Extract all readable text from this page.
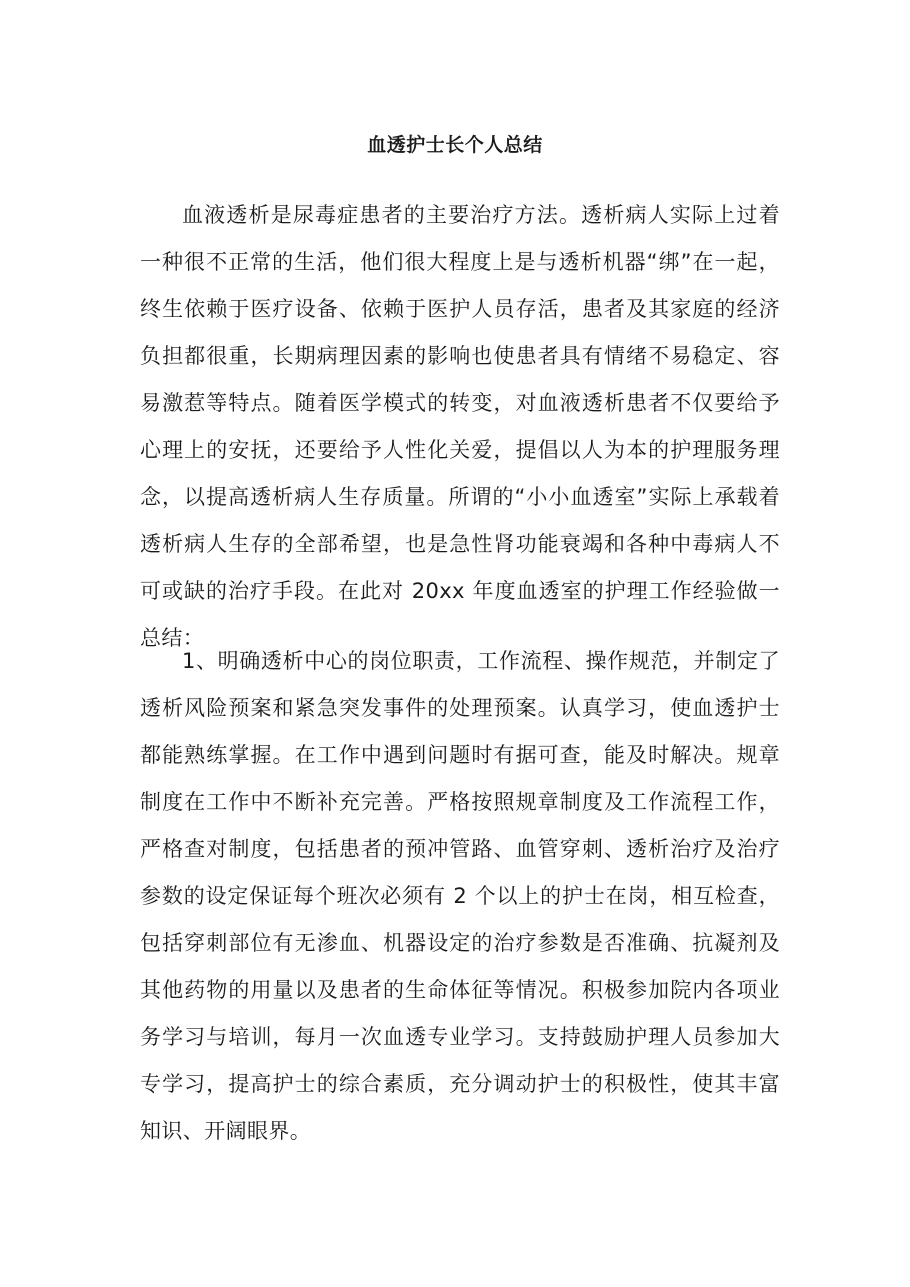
血透护士长个人总结

血液透析是尿毒症患者的主要治疗方法。透析病人实际上过着一种很不正常的生活，他们很大程度上是与透析机器“绑”在一起，终生依赖于医疗设备、依赖于医护人员存活，患者及其家庭的经济负担都很重，长期病理因素的影响也使患者具有情绪不易稳定、容易激惹等特点。随着医学模式的转变，对血液透析患者不仅要给予心理上的安抚，还要给予人性化关爱，提倡以人为本的护理服务理念，以提高透析病人生存质量。所谓的“小小血透室”实际上承载着透析病人生存的全部希望，也是急性肾功能衰竭和各种中毒病人不可或缺的治疗手段。在此对 20xx 年度血透室的护理工作经验做一总结：

1、明确透析中心的岗位职责，工作流程、操作规范，并制定了透析风险预案和紧急突发事件的处理预案。认真学习，使血透护士都能熟练掌握。在工作中遇到问题时有据可查，能及时解决。规章制度在工作中不断补充完善。严格按照规章制度及工作流程工作，严格查对制度，包括患者的预冲管路、血管穿刺、透析治疗及治疗参数的设定保证每个班次必须有 2 个以上的护士在岗，相互检查，包括穿刺部位有无渗血、机器设定的治疗参数是否准确、抗凝剂及其他药物的用量以及患者的生命体征等情况。积极参加院内各项业务学习与培训，每月一次血透专业学习。支持鼓励护理人员参加大专学习，提高护士的综合素质，充分调动护士的积极性，使其丰富知识、开阔眼界。
